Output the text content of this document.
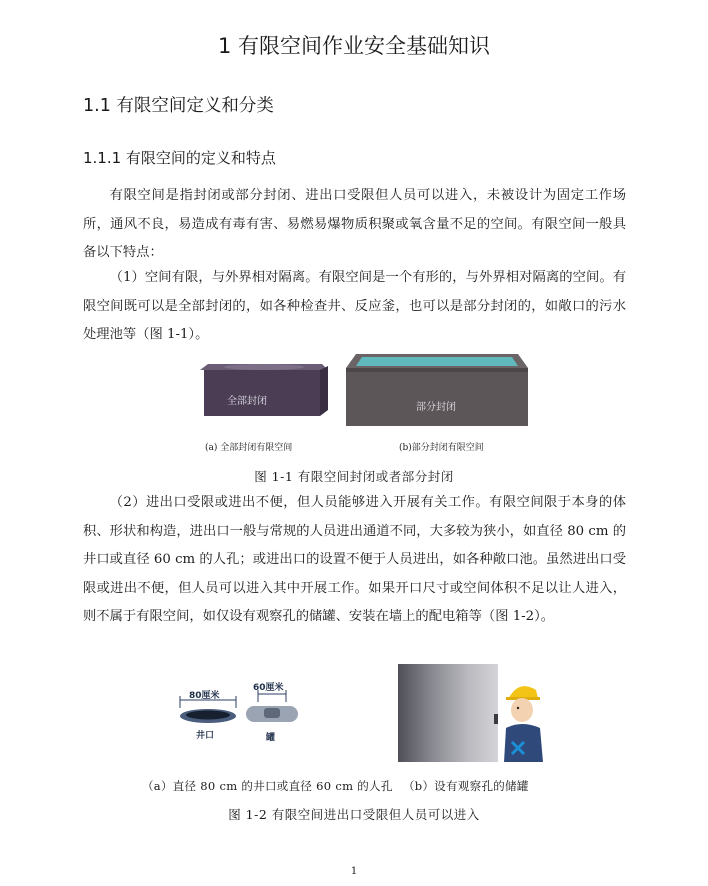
1 有限空间作业安全基础知识
1.1 有限空间定义和分类
1.1.1 有限空间的定义和特点

有限空间是指封闭或部分封闭、进出口受限但人员可以进入，未被设计为固定工作场所，通风不良，易造成有毒有害、易燃易爆物质积聚或氧含量不足的空间。有限空间一般具备以下特点：

（1）空间有限，与外界相对隔离。有限空间是一个有形的，与外界相对隔离的空间。有限空间既可以是全部封闭的，如各种检查井、反应釜，也可以是部分封闭的，如敞口的污水处理池等（图 1-1）。

全部封闭
部分封闭
(a) 全部封闭有限空间	(b)部分封闭有限空间
图 1-1 有限空间封闭或者部分封闭

（2）进出口受限或进出不便，但人员能够进入开展有关工作。有限空间限于本身的体积、形状和构造，进出口一般与常规的人员进出通道不同，大多较为狭小，如直径 80 cm 的井口或直径 60 cm 的人孔；或进出口的设置不便于人员进出，如各种敞口池。虽然进出口受限或进出不便，但人员可以进入其中开展工作。如果开口尺寸或空间体积不足以让人进入，则不属于有限空间，如仅设有观察孔的储罐、安装在墙上的配电箱等（图 1-2）。

80厘米
井口
60厘米
罐
（a）直径 80 cm 的井口或直径 60 cm 的人孔 （b）设有观察孔的储罐
图 1-2 有限空间进出口受限但人员可以进入
1
